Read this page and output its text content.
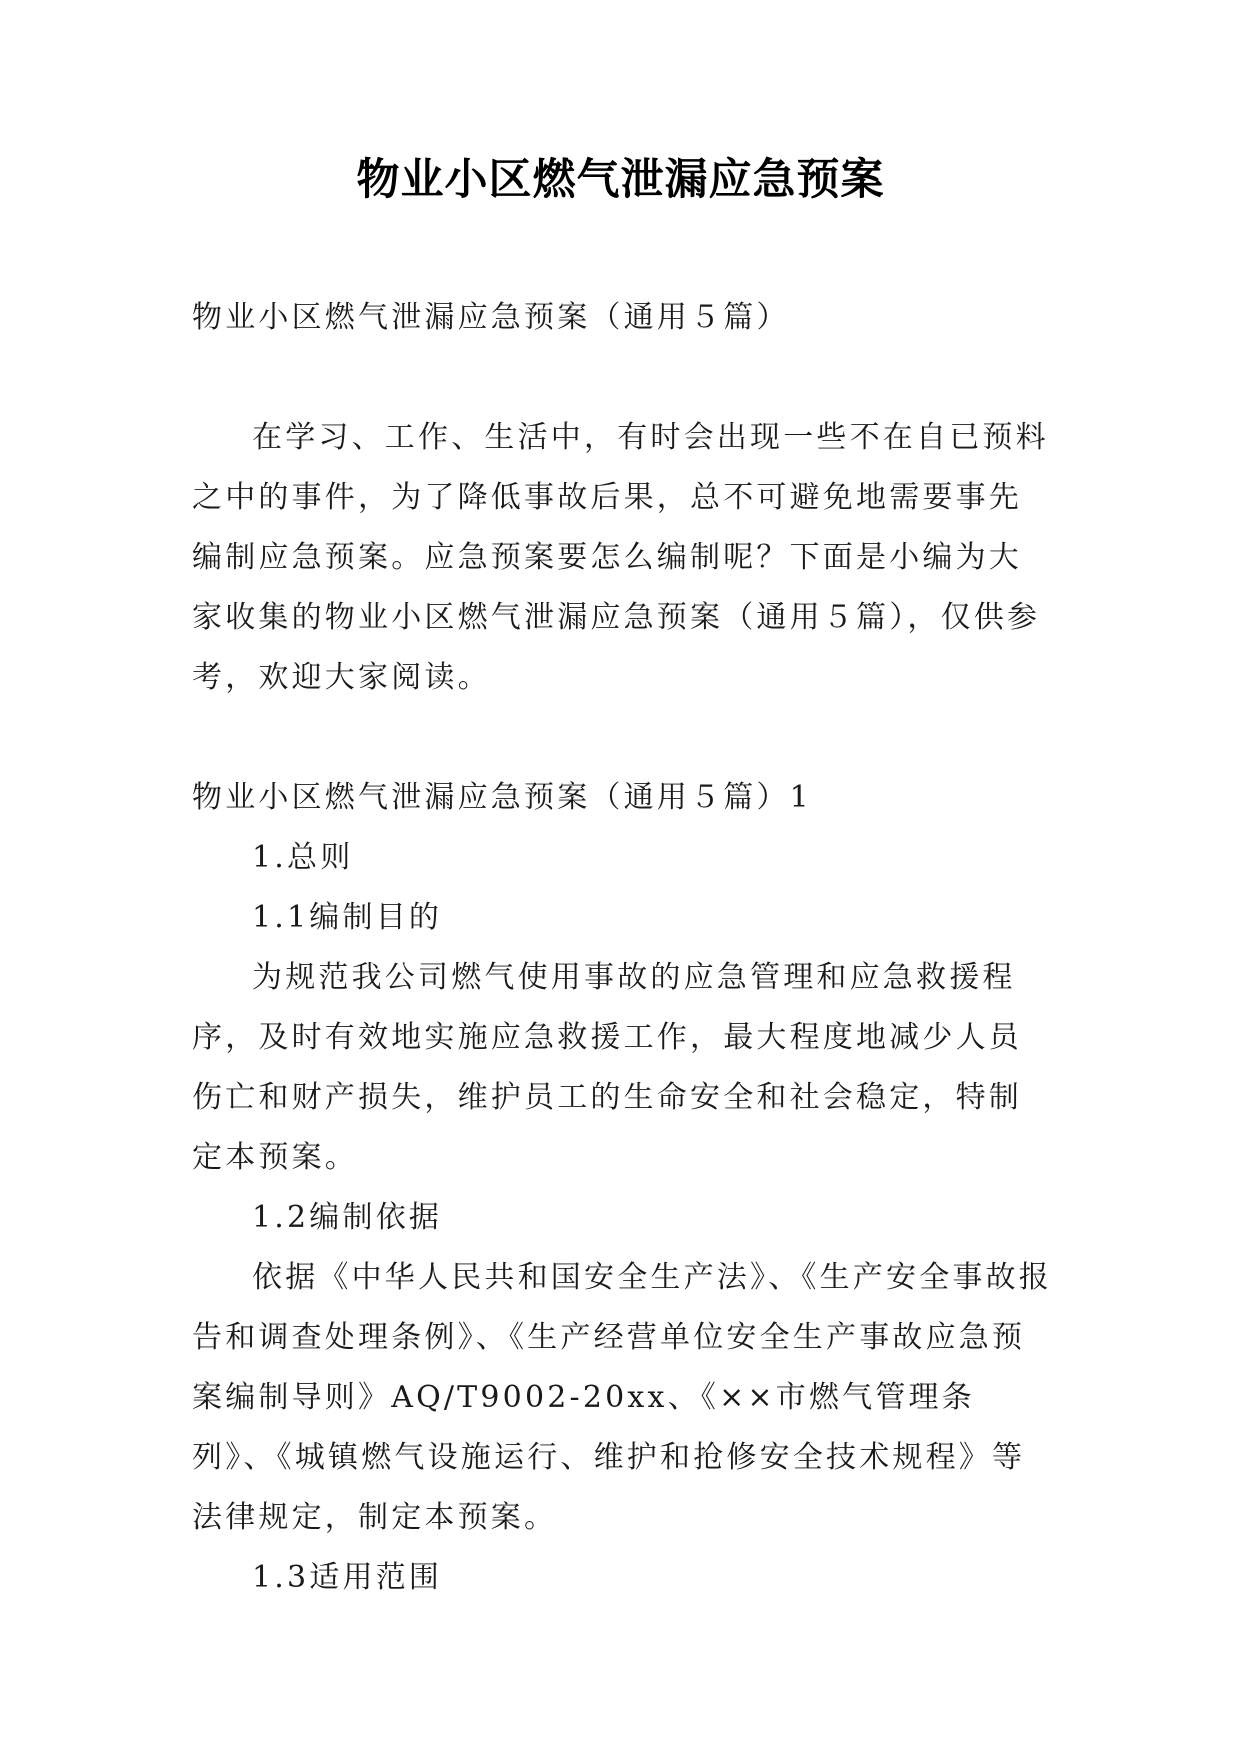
物业小区燃气泄漏应急预案

物业小区燃气泄漏应急预案（通用５篇）

在学习、工作、生活中，有时会出现一些不在自已预料之中的事件，为了降低事故后果，总不可避免地需要事先编制应急预案。应急预案要怎么编制呢？下面是小编为大家收集的物业小区燃气泄漏应急预案（通用５篇），仅供参考，欢迎大家阅读。

物业小区燃气泄漏应急预案（通用５篇）1

1.总则

1.1编制目的

为规范我公司燃气使用事故的应急管理和应急救援程序，及时有效地实施应急救援工作，最大程度地减少人员伤亡和财产损失，维护员工的生命安全和社会稳定，特制定本预案。

1.2编制依据

依据《中华人民共和国安全生产法》、《生产安全事故报告和调查处理条例》、《生产经营单位安全生产事故应急预案编制导则》AQ/T9002-20xx、《××市燃气管理条列》、《城镇燃气设施运行、维护和抢修安全技术规程》等法律规定，制定本预案。

1.3适用范围
